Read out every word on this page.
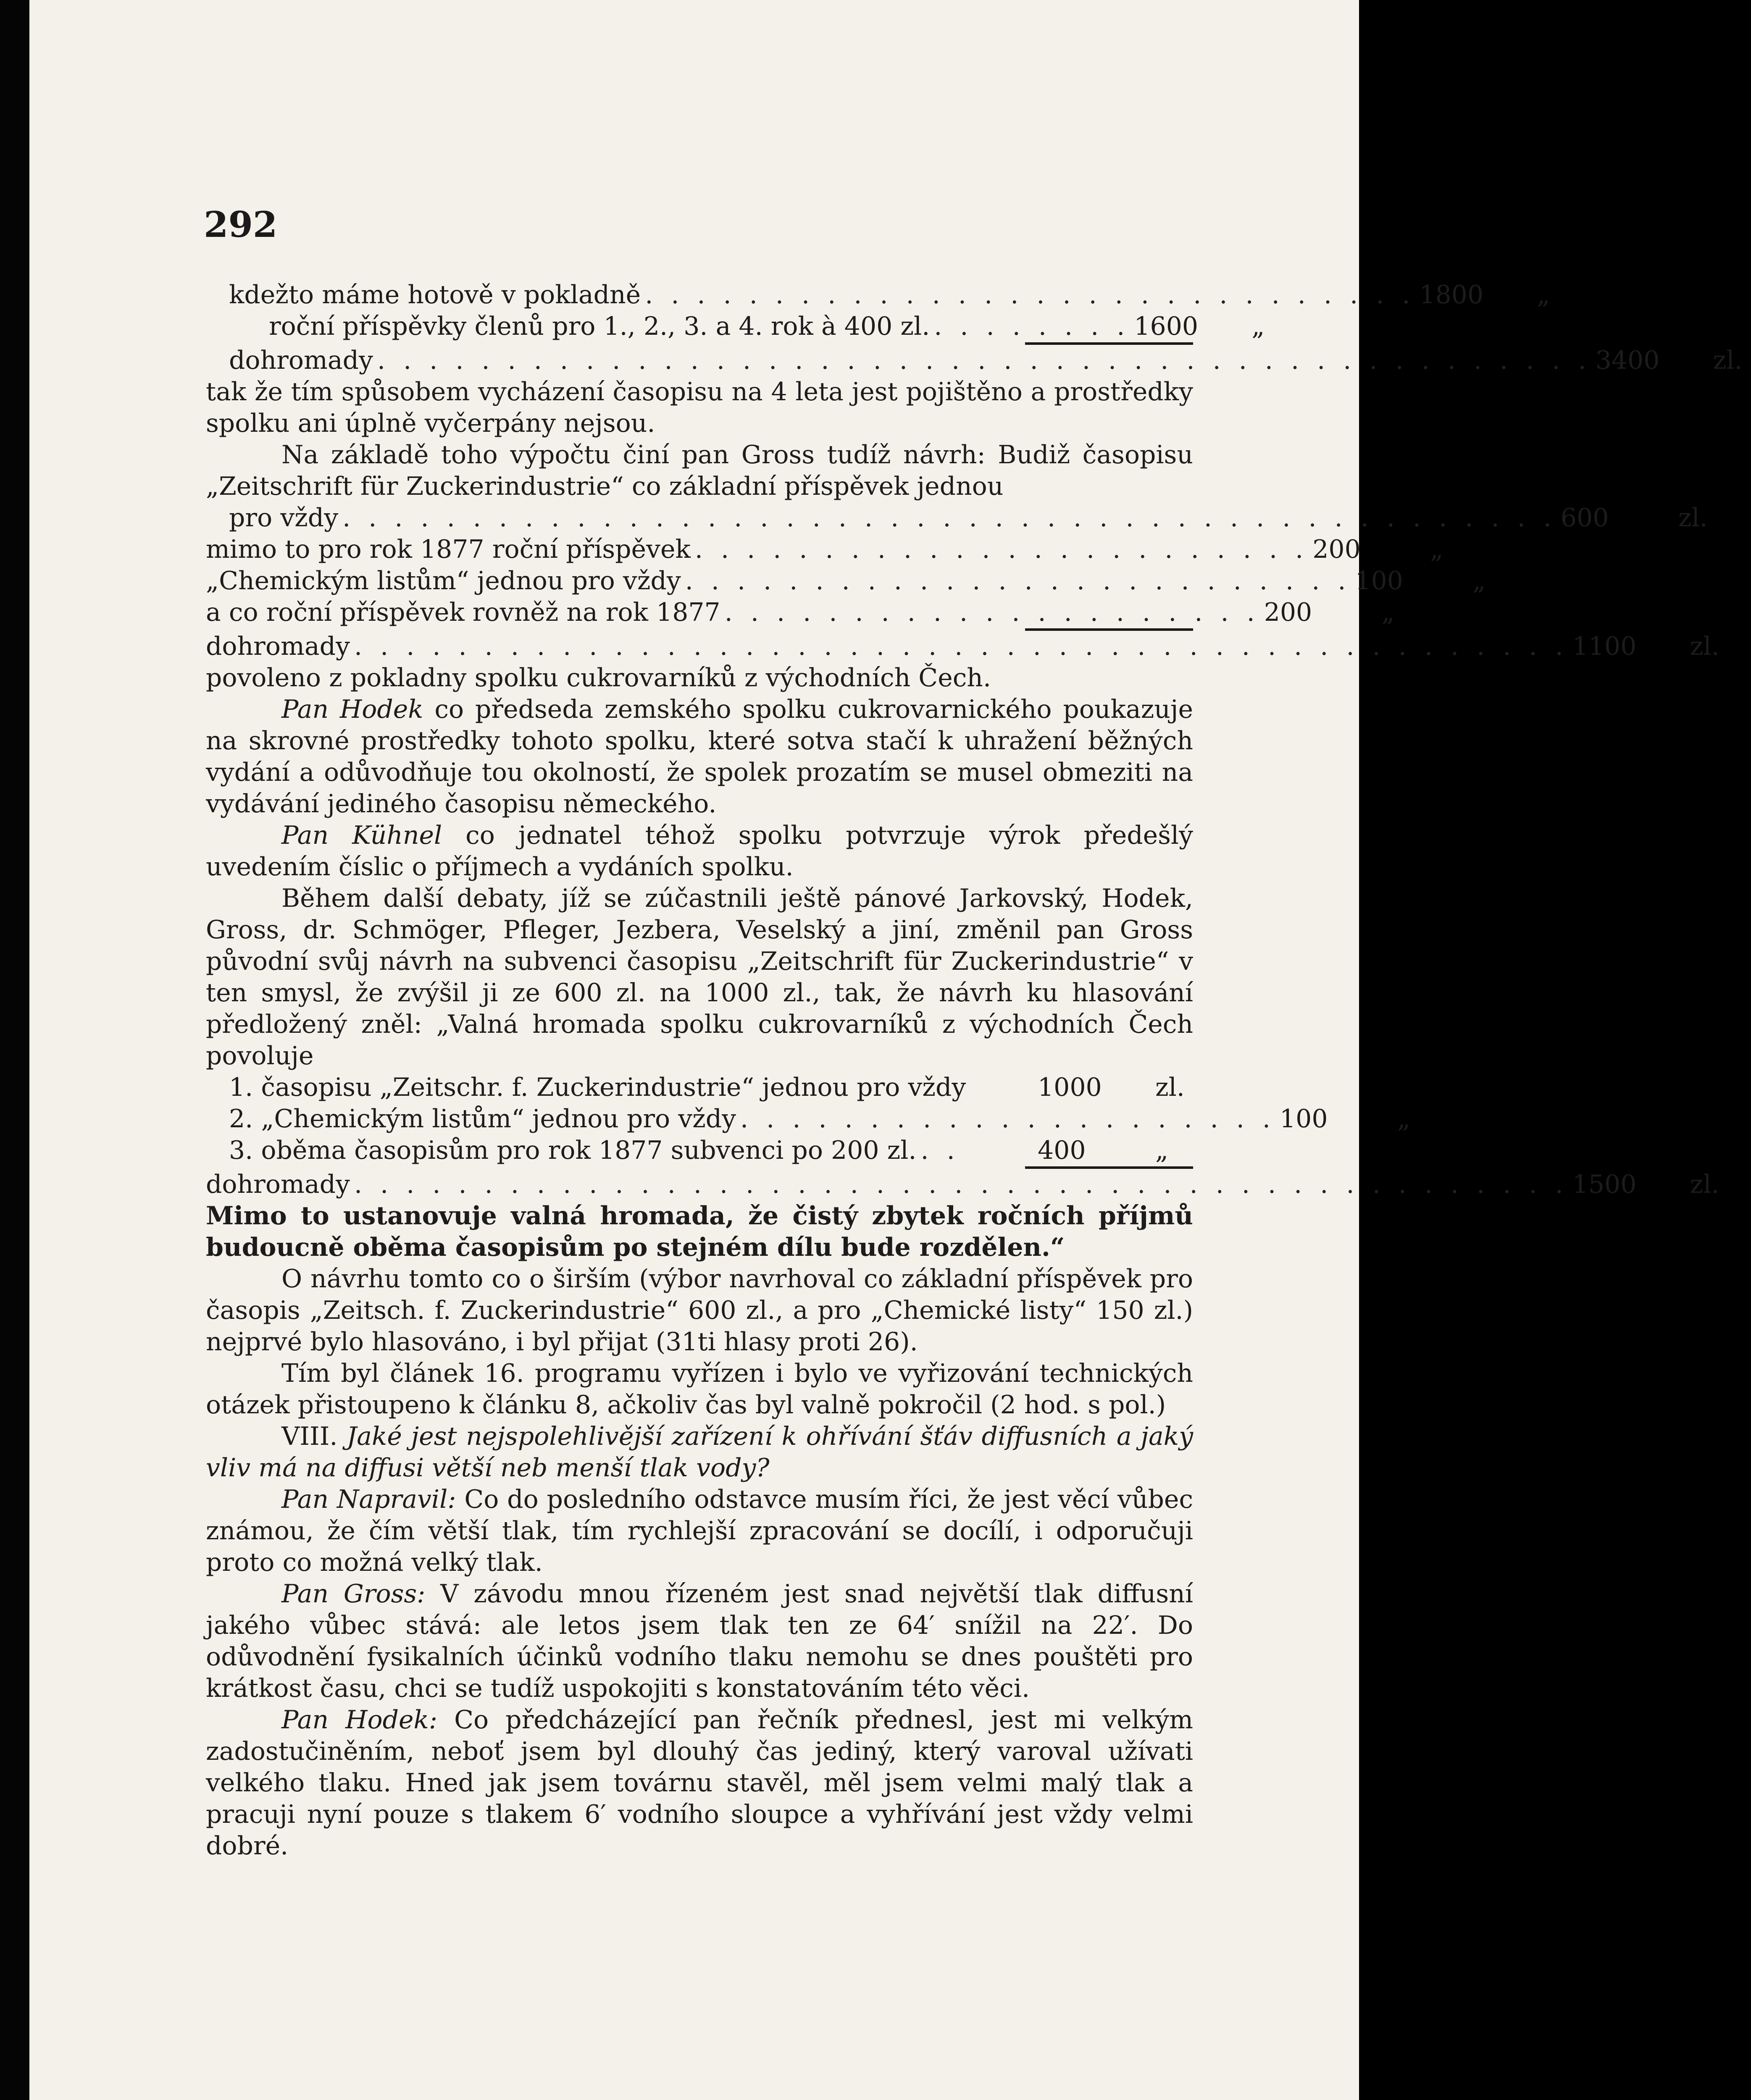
292
kdežto máme hotově v pokladně . . . . . . . . . . . . . . . . . . . . . . . . . . . . . . 1800	„
roční příspěvky členů pro 1., 2., 3. a 4. rok à 400 zl. . . . . . . . . 1600	„
dohromady . . . . . . . . . . . . . . . . . . . . . . . . . . . . . . . . . . . . . . . . . . . . . . . 3400	zl.

tak že tím spůsobem vycházení časopisu na 4 leta jest pojištěno a prostředky spolku ani úplně vyčerpány nejsou.

Na základě toho výpočtu činí pan Gross tudíž návrh: Budiž časopisu „Zeitschrift für Zuckerindustrie“ co základní příspěvek jednou

pro vždy . . . . . . . . . . . . . . . . . . . . . . . . . . . . . . . . . . . . . . . . . . . . . . . 600	zl.
mimo to pro rok 1877 roční příspěvek . . . . . . . . . . . . . . . . . . . . . . . . 200	„
„Chemickým listům“ jednou pro vždy . . . . . . . . . . . . . . . . . . . . . . . . . . 100	„
a co roční příspěvek rovněž na rok 1877 . . . . . . . . . . . . . . . . . . . . . 200	„
dohromady . . . . . . . . . . . . . . . . . . . . . . . . . . . . . . . . . . . . . . . . . . . . . . . 1100	zl.

povoleno z pokladny spolku cukrovarníků z východních Čech.

Pan Hodek co předseda zemského spolku cukrovarnického poukazuje na skrovné prostředky tohoto spolku, které sotva stačí k uhražení běžných vydání a odůvodňuje tou okolností, že spolek prozatím se musel obmeziti na vydávání jediného časopisu německého.

Pan Kühnel co jednatel téhož spolku potvrzuje výrok předešlý uvedením číslic o příjmech a vydáních spolku.

Během další debaty, jíž se zúčastnili ještě pánové Jarkovský, Hodek, Gross, dr. Schmöger, Pfleger, Jezbera, Veselský a jiní, změnil pan Gross původní svůj návrh na subvenci časopisu „Zeitschrift für Zuckerindustrie“ v ten smysl, že zvýšil ji ze 600 zl. na 1000 zl., tak, že návrh ku hlasování předložený zněl: „Valná hromada spolku cukrovarníků z východních Čech povoluje

1. časopisu „Zeitschr. f. Zuckerindustrie“ jednou pro vždy	1000	zl.
2. „Chemickým listům“ jednou pro vždy . . . . . . . . . . . . . . . . . . . . . 100	„
3. oběma časopisům pro rok 1877 subvenci po 200 zl. . .	400	„
dohromady . . . . . . . . . . . . . . . . . . . . . . . . . . . . . . . . . . . . . . . . . . . . . . . 1500	zl.

Mimo to ustanovuje valná hromada, že čistý zbytek ročních příjmů budoucně oběma časopisům po stejném dílu bude rozdělen.“

O návrhu tomto co o širším (výbor navrhoval co základní příspěvek pro časopis „Zeitsch. f. Zuckerindustrie“ 600 zl., a pro „Chemické listy“ 150 zl.) nejprvé bylo hlasováno, i byl přijat (31ti hlasy proti 26).

Tím byl článek 16. programu vyřízen i bylo ve vyřizování technických otázek přistoupeno k článku 8, ačkoliv čas byl valně pokročil (2 hod. s pol.)

VIII. Jaké jest nejspolehlivější zařízení k ohřívání šťáv diffusních a jaký vliv má na diffusi větší neb menší tlak vody?

Pan Napravil: Co do posledního odstavce musím říci, že jest věcí vůbec známou, že čím větší tlak, tím rychlejší zpracování se docílí, i odporučuji proto co možná velký tlak.

Pan Gross: V závodu mnou řízeném jest snad největší tlak diffusní jakého vůbec stává: ale letos jsem tlak ten ze 64′ snížil na 22′. Do odůvodnění fysikalních účinků vodního tlaku nemohu se dnes pouštěti pro krátkost času, chci se tudíž uspokojiti s konstatováním této věci.

Pan Hodek: Co předcházející pan řečník přednesl, jest mi velkým zadostučiněním, neboť jsem byl dlouhý čas jediný, který varoval užívati velkého tlaku. Hned jak jsem továrnu stavěl, měl jsem velmi malý tlak a pracuji nyní pouze s tlakem 6′ vodního sloupce a vyhřívání jest vždy velmi dobré.
